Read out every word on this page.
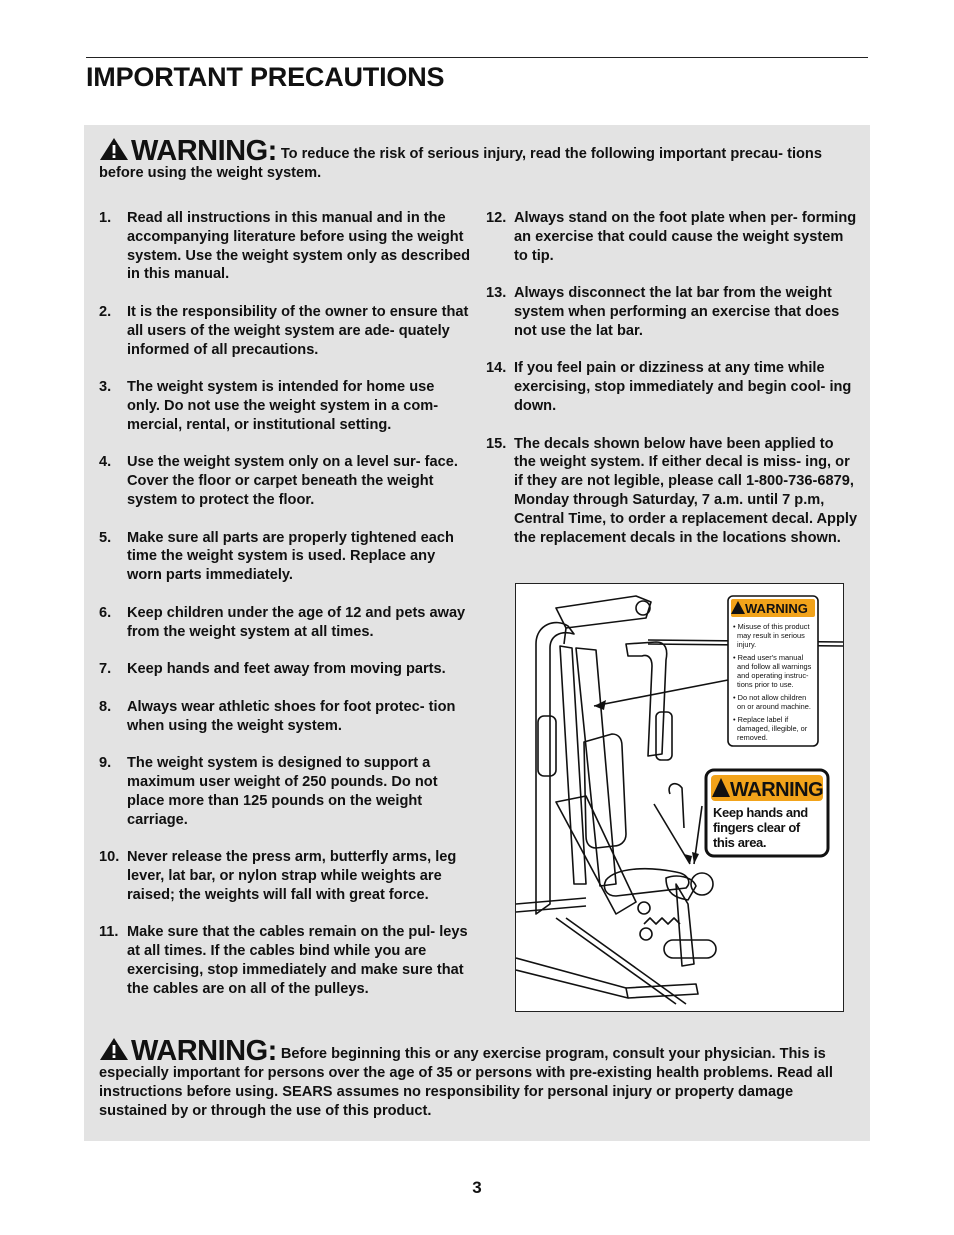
IMPORTANT PRECAUTIONS
WARNING: To reduce the risk of serious injury, read the following important precau- tions before using the weight system.
1. Read all instructions in this manual and in the accompanying literature before using the weight system. Use the weight system only as described in this manual.
2. It is the responsibility of the owner to ensure that all users of the weight system are ade- quately informed of all precautions.
3. The weight system is intended for home use only. Do not use the weight system in a com- mercial, rental, or institutional setting.
4. Use the weight system only on a level sur- face. Cover the floor or carpet beneath the weight system to protect the floor.
5. Make sure all parts are properly tightened each time the weight system is used. Replace any worn parts immediately.
6. Keep children under the age of 12 and pets away from the weight system at all times.
7. Keep hands and feet away from moving parts.
8. Always wear athletic shoes for foot protec- tion when using the weight system.
9. The weight system is designed to support a maximum user weight of 250 pounds. Do not place more than 125 pounds on the weight carriage.
10. Never release the press arm, butterfly arms, leg lever, lat bar, or nylon strap while weights are raised; the weights will fall with great force.
11. Make sure that the cables remain on the pul- leys at all times. If the cables bind while you are exercising, stop immediately and make sure that the cables are on all of the pulleys.
12. Always stand on the foot plate when per- forming an exercise that could cause the weight system to tip.
13. Always disconnect the lat bar from the weight system when performing an exercise that does not use the lat bar.
14. If you feel pain or dizziness at any time while exercising, stop immediately and begin cool- ing down.
15. The decals shown below have been applied to the weight system. If either decal is miss- ing, or if they are not legible, please call 1-800-736-6879, Monday through Saturday, 7 a.m. until 7 p.m, Central Time, to order a replacement decal. Apply the replacement decals in the locations shown.
WARNING
• Misuse of this product
may result in serious
injury.
• Read user's manual
and follow all warnings
and operating instruc-
tions prior to use.
• Do not allow children
on or around machine.
• Replace label if
damaged, illegible, or
removed.
WARNING
Keep hands and
fingers clear of
this area.
WARNING: Before beginning this or any exercise program, consult your physician. This is especially important for persons over the age of 35 or persons with pre-existing health problems. Read all instructions before using. SEARS assumes no responsibility for personal injury or property damage sustained by or through the use of this product.
3
